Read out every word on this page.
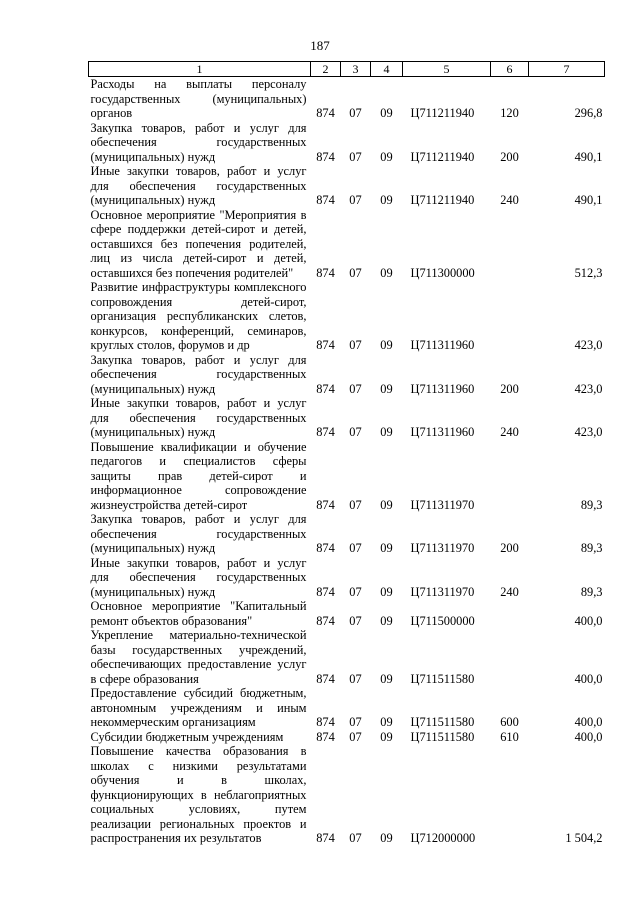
187
1	2	3	4	5	6	7
Расходы на выплаты персоналу государственных (муниципальных) органов	874	07	09	Ц711211940	120	296,8
Закупка товаров, работ и услуг для обеспечения государственных (муниципальных) нужд	874	07	09	Ц711211940	200	490,1
Иные закупки товаров, работ и услуг для обеспечения государственных (муниципальных) нужд	874	07	09	Ц711211940	240	490,1
Основное мероприятие "Мероприятия в сфере поддержки детей-сирот и детей, оставшихся без попечения родителей, лиц из числа детей-сирот и детей, оставшихся без попечения родителей"	874	07	09	Ц711300000		512,3
Развитие инфраструктуры комплексного сопровождения детей-сирот, организация республиканских слетов, конкурсов, конференций, семинаров, круглых столов, форумов и др	874	07	09	Ц711311960		423,0
Закупка товаров, работ и услуг для обеспечения государственных (муниципальных) нужд	874	07	09	Ц711311960	200	423,0
Иные закупки товаров, работ и услуг для обеспечения государственных (муниципальных) нужд	874	07	09	Ц711311960	240	423,0
Повышение квалификации и обучение педагогов и специалистов сферы защиты прав детей-сирот и информационное сопровождение жизнеустройства детей-сирот	874	07	09	Ц711311970		89,3
Закупка товаров, работ и услуг для обеспечения государственных (муниципальных) нужд	874	07	09	Ц711311970	200	89,3
Иные закупки товаров, работ и услуг для обеспечения государственных (муниципальных) нужд	874	07	09	Ц711311970	240	89,3
Основное мероприятие "Капитальный ремонт объектов образования"	874	07	09	Ц711500000		400,0
Укрепление материально-технической базы государственных учреждений, обеспечивающих предоставление услуг в сфере образования	874	07	09	Ц711511580		400,0
Предоставление субсидий бюджетным, автономным учреждениям и иным некоммерческим организациям	874	07	09	Ц711511580	600	400,0
Субсидии бюджетным учреждениям	874	07	09	Ц711511580	610	400,0
Повышение качества образования в школах с низкими результатами обучения и в школах, функционирующих в неблагоприятных социальных условиях, путем реализации региональных проектов и распространения их результатов	874	07	09	Ц712000000		1 504,2
